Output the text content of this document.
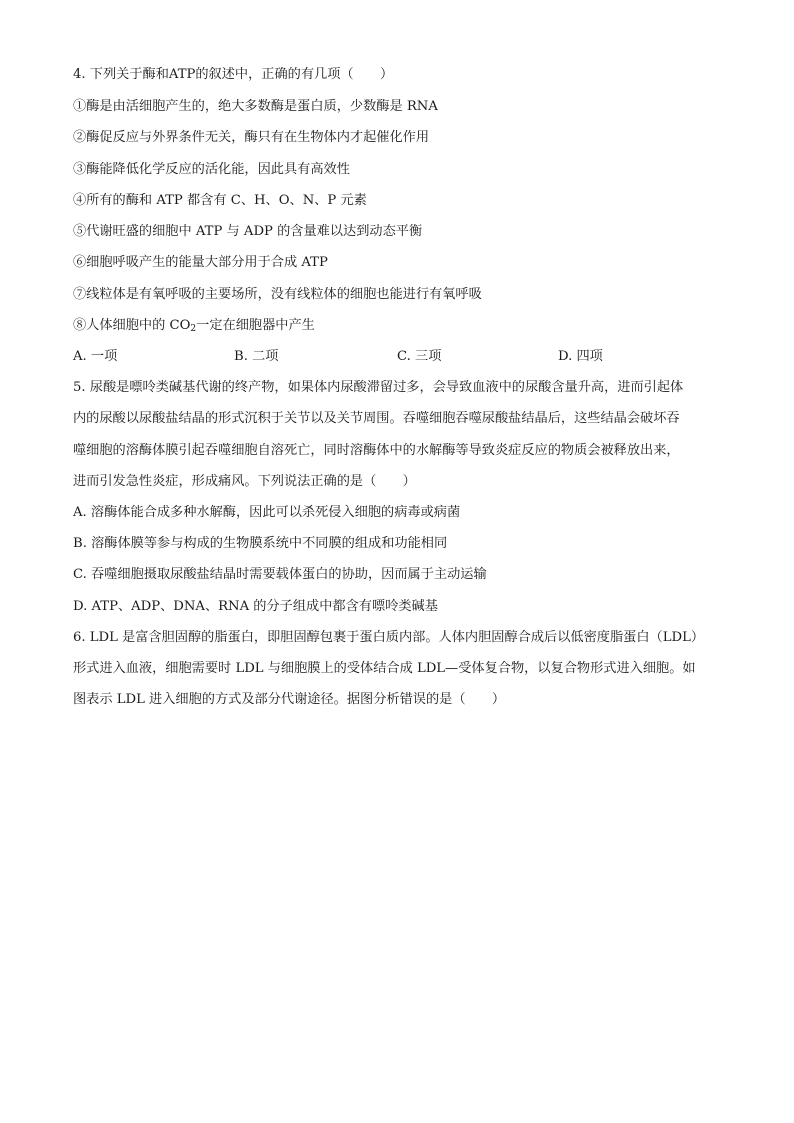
4. 下列关于酶和ATP的叙述中，正确的有几项（　　）
①酶是由活细胞产生的，绝大多数酶是蛋白质，少数酶是 RNA
②酶促反应与外界条件无关，酶只有在生物体内才起催化作用
③酶能降低化学反应的活化能，因此具有高效性
④所有的酶和 ATP 都含有 C、H、O、N、P 元素
⑤代谢旺盛的细胞中 ATP 与 ADP 的含量难以达到动态平衡
⑥细胞呼吸产生的能量大部分用于合成 ATP
⑦线粒体是有氧呼吸的主要场所，没有线粒体的细胞也能进行有氧呼吸
⑧人体细胞中的 $CO_2$一定在细胞器中产生
A. 一项	B. 二项	C. 三项	D. 四项
5. 尿酸是嘌呤类碱基代谢的终产物，如果体内尿酸滞留过多，会导致血液中的尿酸含量升高，进而引起体
内的尿酸以尿酸盐结晶的形式沉积于关节以及关节周围。吞噬细胞吞噬尿酸盐结晶后，这些结晶会破坏吞
噬细胞的溶酶体膜引起吞噬细胞自溶死亡，同时溶酶体中的水解酶等导致炎症反应的物质会被释放出来，
进而引发急性炎症，形成痛风。下列说法正确的是（　　）
A. 溶酶体能合成多种水解酶，因此可以杀死侵入细胞的病毒或病菌
B. 溶酶体膜等参与构成的生物膜系统中不同膜的组成和功能相同
C. 吞噬细胞摄取尿酸盐结晶时需要载体蛋白的协助，因而属于主动运输
D. ATP、ADP、DNA、RNA 的分子组成中都含有嘌呤类碱基
6. LDL 是富含胆固醇的脂蛋白，即胆固醇包裹于蛋白质内部。人体内胆固醇合成后以低密度脂蛋白（LDL）
形式进入血液，细胞需要时 LDL 与细胞膜上的受体结合成 LDL—受体复合物，以复合物形式进入细胞。如
图表示 LDL 进入细胞的方式及部分代谢途径。据图分析错误的是（　　）
